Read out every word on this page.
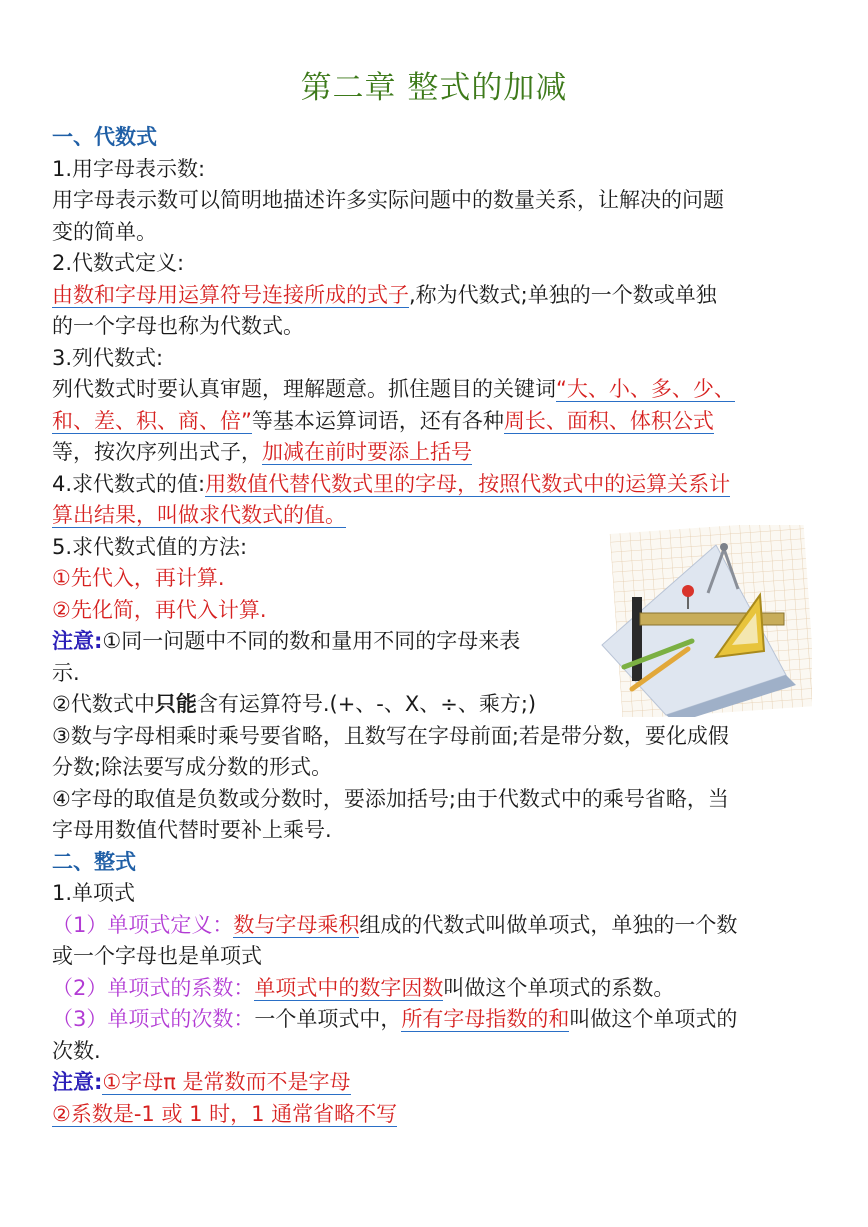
第二章 整式的加减
一、代数式
1.用字母表示数:
用字母表示数可以简明地描述许多实际问题中的数量关系，让解决的问题
变的简单。
2.代数式定义:
由数和字母用运算符号连接所成的式子,称为代数式;单独的一个数或单独
的一个字母也称为代数式。
3.列代数式:
列代数式时要认真审题，理解题意。抓住题目的关键词“大、小、多、少、
和、差、积、商、倍”等基本运算词语，还有各种周长、面积、体积公式
等，按次序列出式子，加减在前时要添上括号
4.求代数式的值:用数值代替代数式里的字母，按照代数式中的运算关系计
算出结果，叫做求代数式的值。
5.求代数式值的方法:
①先代入，再计算.
②先化简，再代入计算.
注意:①同一问题中不同的数和量用不同的字母来表
示.
②代数式中只能含有运算符号.(+、-、X、÷、乘方;)
③数与字母相乘时乘号要省略，且数写在字母前面;若是带分数，要化成假
分数;除法要写成分数的形式。
④字母的取值是负数或分数时，要添加括号;由于代数式中的乘号省略，当
字母用数值代替时要补上乘号.
二、整式
1.单项式
（1）单项式定义：数与字母乘积组成的代数式叫做单项式，单独的一个数
或一个字母也是单项式
（2）单项式的系数：单项式中的数字因数叫做这个单项式的系数。
（3）单项式的次数：一个单项式中，所有字母指数的和叫做这个单项式的
次数.
注意:①字母π 是常数而不是字母
②系数是-1 或 1 时，1 通常省略不写
